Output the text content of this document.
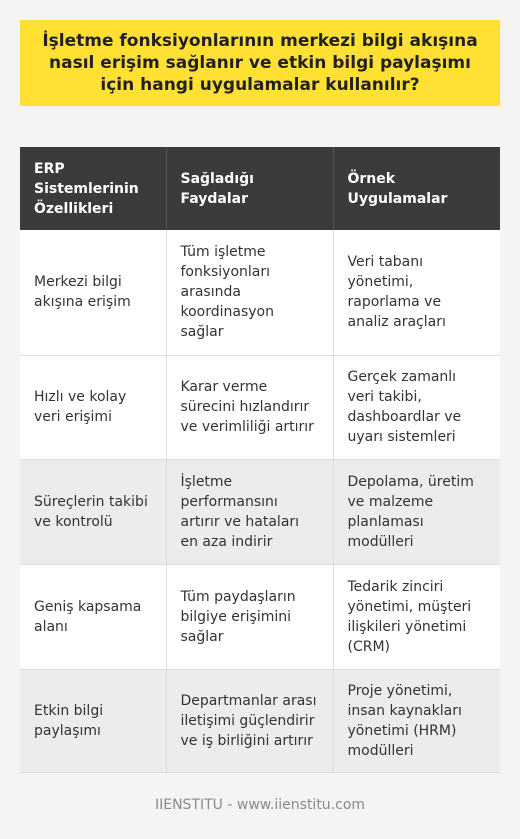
İşletme fonksiyonlarının merkezi bilgi akışına nasıl erişim sağlanır ve etkin bilgi paylaşımı için hangi uygulamalar kullanılır?
ERP Sistemlerinin Özellikleri	Sağladığı Faydalar	Örnek Uygulamalar
Merkezi bilgi akışına erişim	Tüm işletme fonksiyonları arasında koordinasyon sağlar	Veri tabanı yönetimi, raporlama ve analiz araçları
Hızlı ve kolay veri erişimi	Karar verme sürecini hızlandırır ve verimliliği artırır	Gerçek zamanlı veri takibi, dashboardlar ve uyarı sistemleri
Süreçlerin takibi ve kontrolü	İşletme performansını artırır ve hataları en aza indirir	Depolama, üretim ve malzeme planlaması modülleri
Geniş kapsama alanı	Tüm paydaşların bilgiye erişimini sağlar	Tedarik zinciri yönetimi, müşteri ilişkileri yönetimi (CRM)
Etkin bilgi paylaşımı	Departmanlar arası iletişimi güçlendirir ve iş birliğini artırır	Proje yönetimi, insan kaynakları yönetimi (HRM) modülleri
IIENSTITU - www.iienstitu.com
